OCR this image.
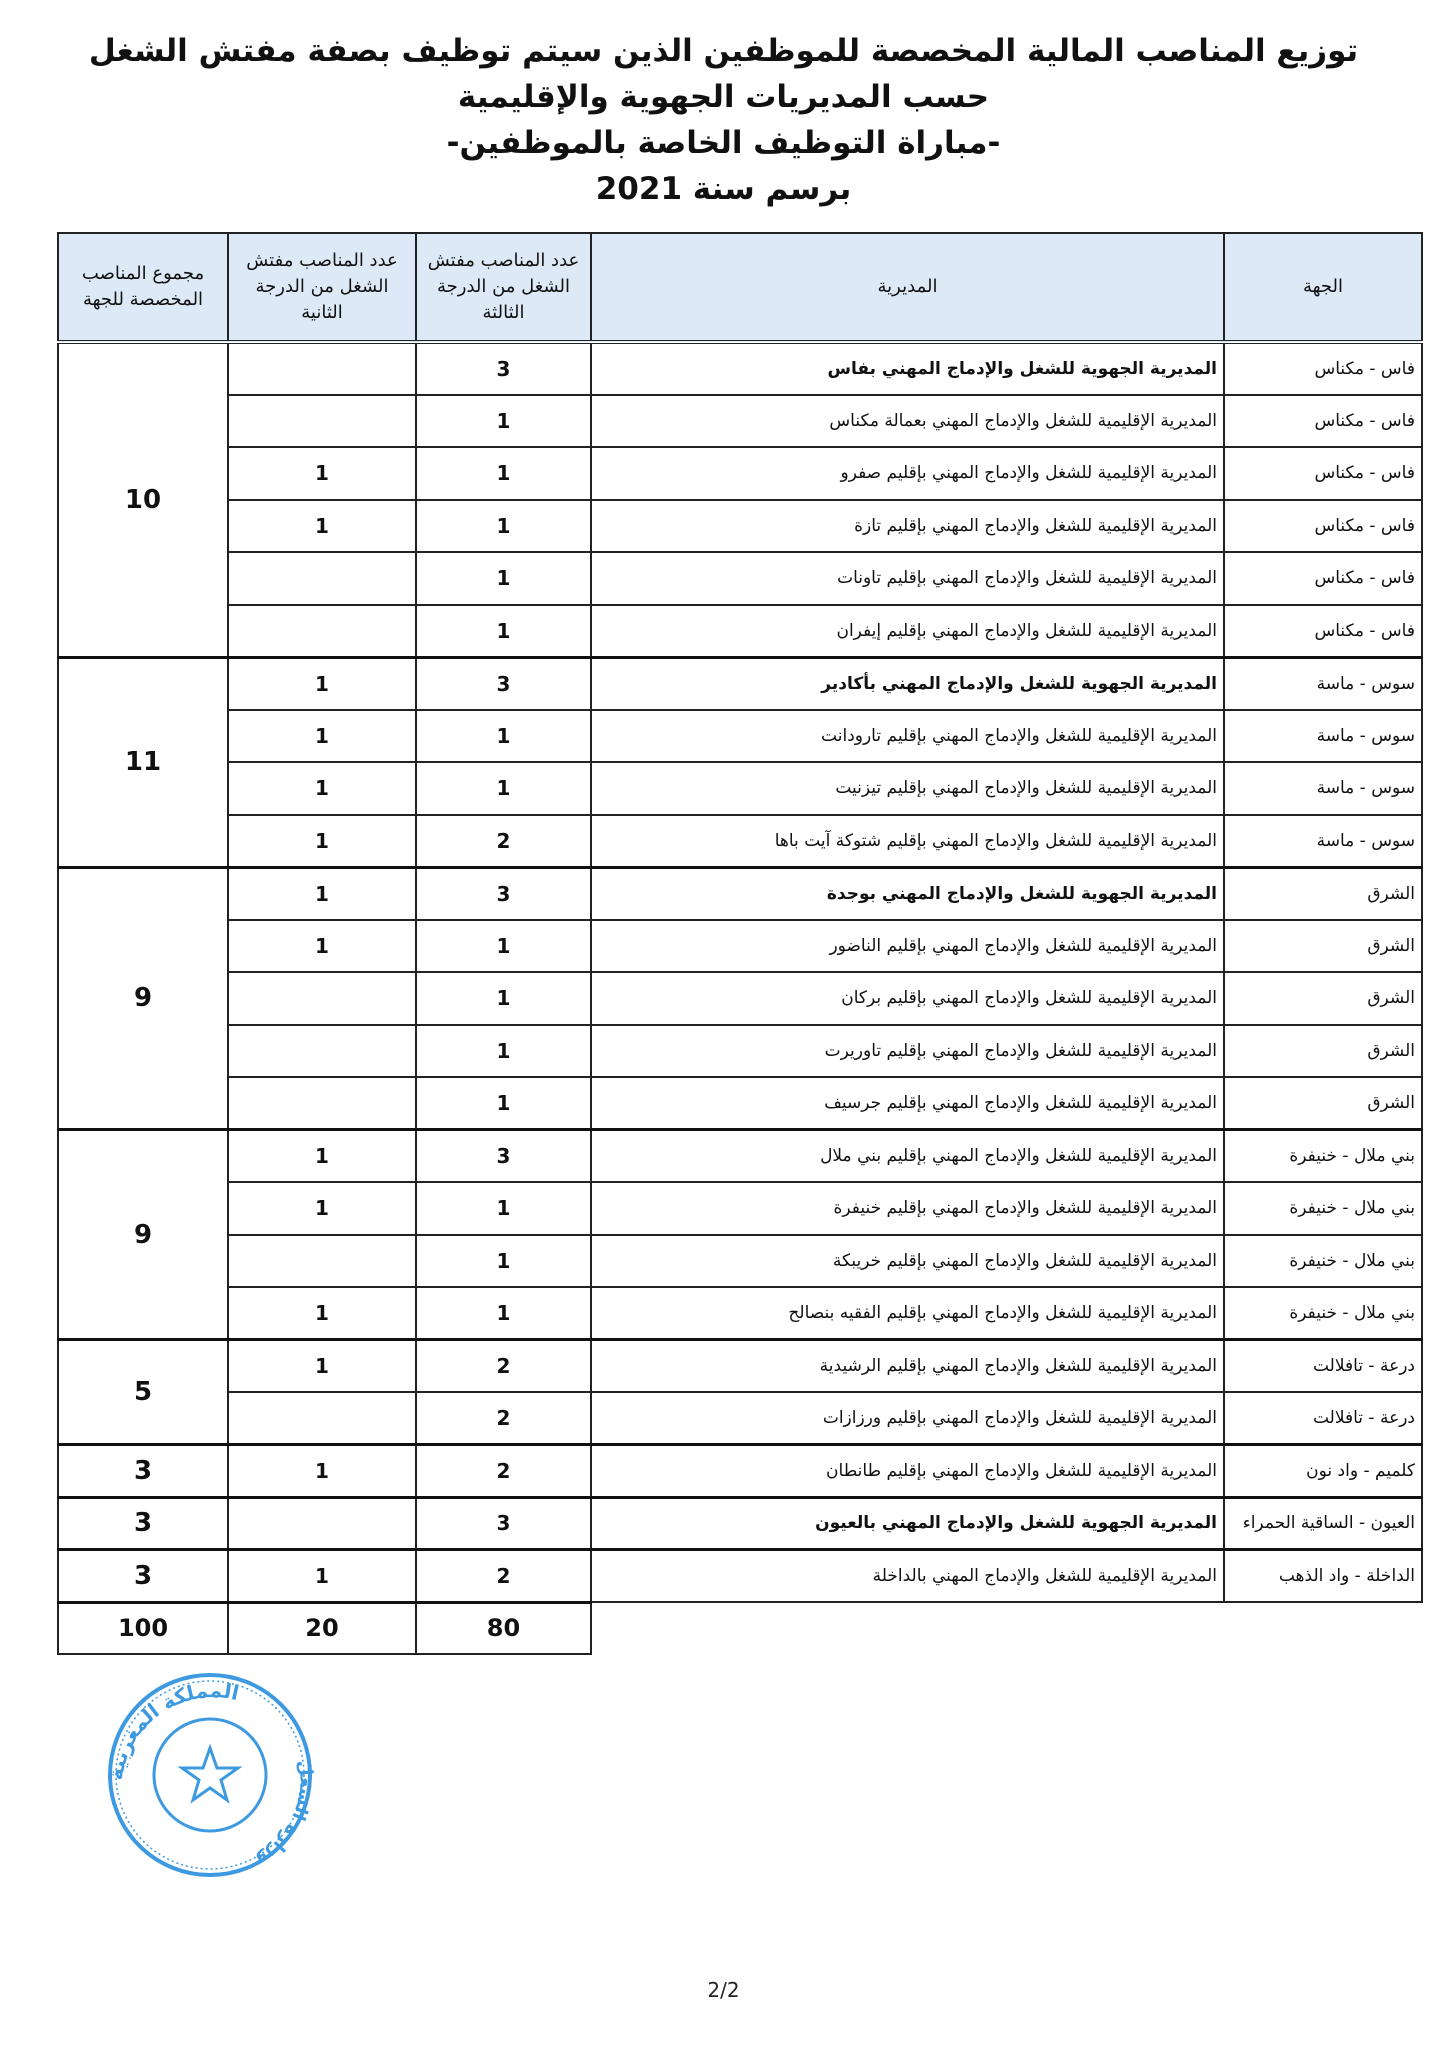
توزيع المناصب المالية المخصصة للموظفين الذين سيتم توظيف بصفة مفتش الشغل
حسب المديريات الجهوية والإقليمية
-مباراة التوظيف الخاصة بالموظفين-
برسم سنة 2021
الجهة	المديرية	عدد المناصب مفتش الشغل من الدرجة الثالثة	عدد المناصب مفتش الشغل من الدرجة الثانية	مجموع المناصب المخصصة للجهة
فاس - مكناس	المديرية الجهوية للشغل والإدماج المهني بفاس	3		10
فاس - مكناس	المديرية الإقليمية للشغل والإدماج المهني بعمالة مكناس	1		
فاس - مكناس	المديرية الإقليمية للشغل والإدماج المهني بإقليم صفرو	1	1	
فاس - مكناس	المديرية الإقليمية للشغل والإدماج المهني بإقليم تازة	1	1	
فاس - مكناس	المديرية الإقليمية للشغل والإدماج المهني بإقليم تاونات	1		
فاس - مكناس	المديرية الإقليمية للشغل والإدماج المهني بإقليم إيفران	1		
سوس - ماسة	المديرية الجهوية للشغل والإدماج المهني بأكادير	3	1	11
سوس - ماسة	المديرية الإقليمية للشغل والإدماج المهني بإقليم تارودانت	1	1	
سوس - ماسة	المديرية الإقليمية للشغل والإدماج المهني بإقليم تيزنيت	1	1	
سوس - ماسة	المديرية الإقليمية للشغل والإدماج المهني بإقليم شتوكة آيت باها	2	1	
الشرق	المديرية الجهوية للشغل والإدماج المهني بوجدة	3	1	9
الشرق	المديرية الإقليمية للشغل والإدماج المهني بإقليم الناضور	1	1	
الشرق	المديرية الإقليمية للشغل والإدماج المهني بإقليم بركان	1		
الشرق	المديرية الإقليمية للشغل والإدماج المهني بإقليم تاوريرت	1		
الشرق	المديرية الإقليمية للشغل والإدماج المهني بإقليم جرسيف	1		
بني ملال - خنيفرة	المديرية الإقليمية للشغل والإدماج المهني بإقليم بني ملال	3	1	9
بني ملال - خنيفرة	المديرية الإقليمية للشغل والإدماج المهني بإقليم خنيفرة	1	1	
بني ملال - خنيفرة	المديرية الإقليمية للشغل والإدماج المهني بإقليم خريبكة	1		
بني ملال - خنيفرة	المديرية الإقليمية للشغل والإدماج المهني بإقليم الفقيه بنصالح	1	1	
درعة - تافلالت	المديرية الإقليمية للشغل والإدماج المهني بإقليم الرشيدية	2	1	5
درعة - تافلالت	المديرية الإقليمية للشغل والإدماج المهني بإقليم ورزازات	2		
كلميم - واد نون	المديرية الإقليمية للشغل والإدماج المهني بإقليم طانطان	2	1	3
العيون - الساقية الحمراء	المديرية الجهوية للشغل والإدماج المهني بالعيون	3		3
الداخلة - واد الذهب	المديرية الإقليمية للشغل والإدماج المهني بالداخلة	2	1	3
		80	20	100
المملكة المغربية
وزارة الشغل
2/2
